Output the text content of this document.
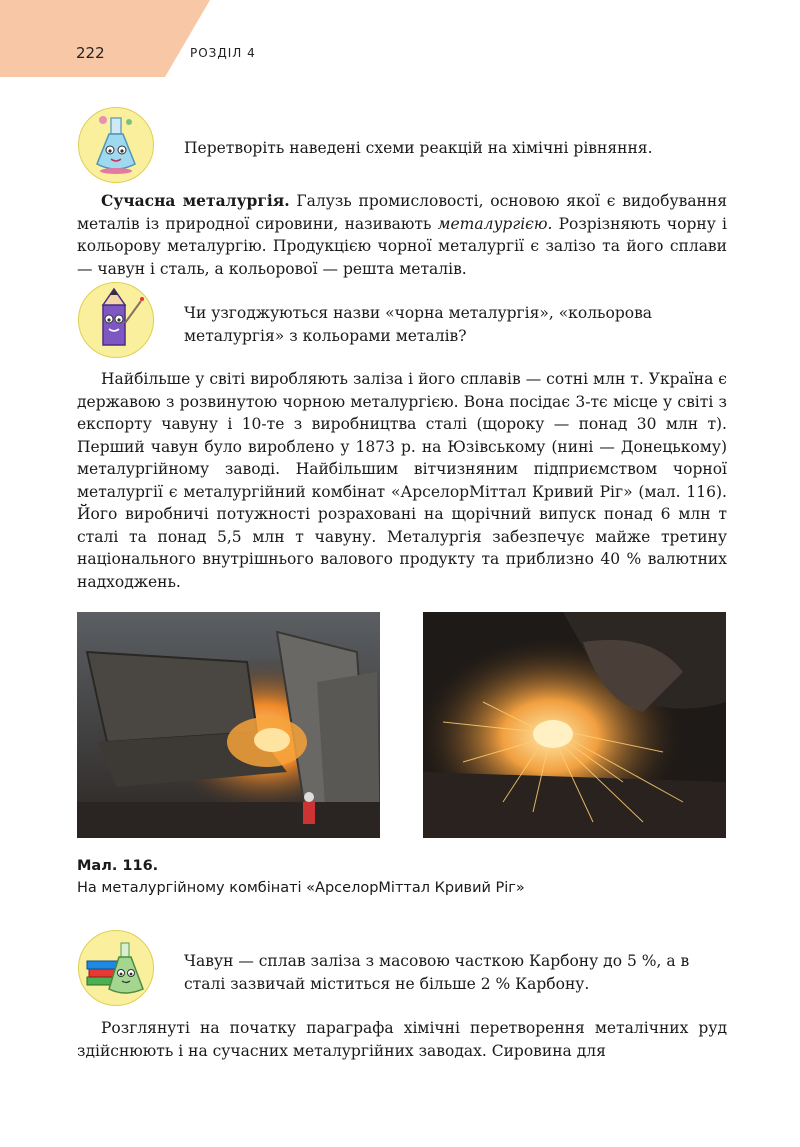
222	РОЗДІЛ 4
Перетворіть наведені схеми реакцій на хімічні рівняння.
Сучасна металургія. Галузь промисловості, основою якої є видобування металів із природної сировини, називають металургією. Розрізняють чорну і кольорову металургію. Продукцією чорної металургії є залізо та його сплави — чавун і сталь, а кольорової — решта металів.
Чи узгоджуються назви «чорна металургія», «кольорова металургія» з кольорами металів?
Найбільше у світі виробляють заліза і його сплавів — сотні млн т. Україна є державою з розвинутою чорною металургією. Вона посідає 3-тє місце у світі з експорту чавуну і 10-те з виробництва сталі (щороку — понад 30 млн т). Перший чавун було вироблено у 1873 р. на Юзівському (нині — Донецькому) металургійному заводі. Найбільшим вітчизняним підприємством чорної металургії є металургійний комбінат «АрселорМіттал Кривий Ріг» (мал. 116). Його виробничі потужності розраховані на щорічний випуск понад 6 млн т сталі та понад 5,5 млн т чавуну. Металургія забезпечує майже третину національного внутрішнього валового продукту та приблизно 40 % валютних надходжень.
Мал. 116.
На металургійному комбінаті «АрселорМіттал Кривий Ріг»
Чавун — сплав заліза з масовою часткою Карбону до 5 %, а в сталі зазвичай міститься не більше 2 % Карбону.
Розглянуті на початку параграфа хімічні перетворення металічних руд здійснюють і на сучасних металургійних заводах. Сировина для
